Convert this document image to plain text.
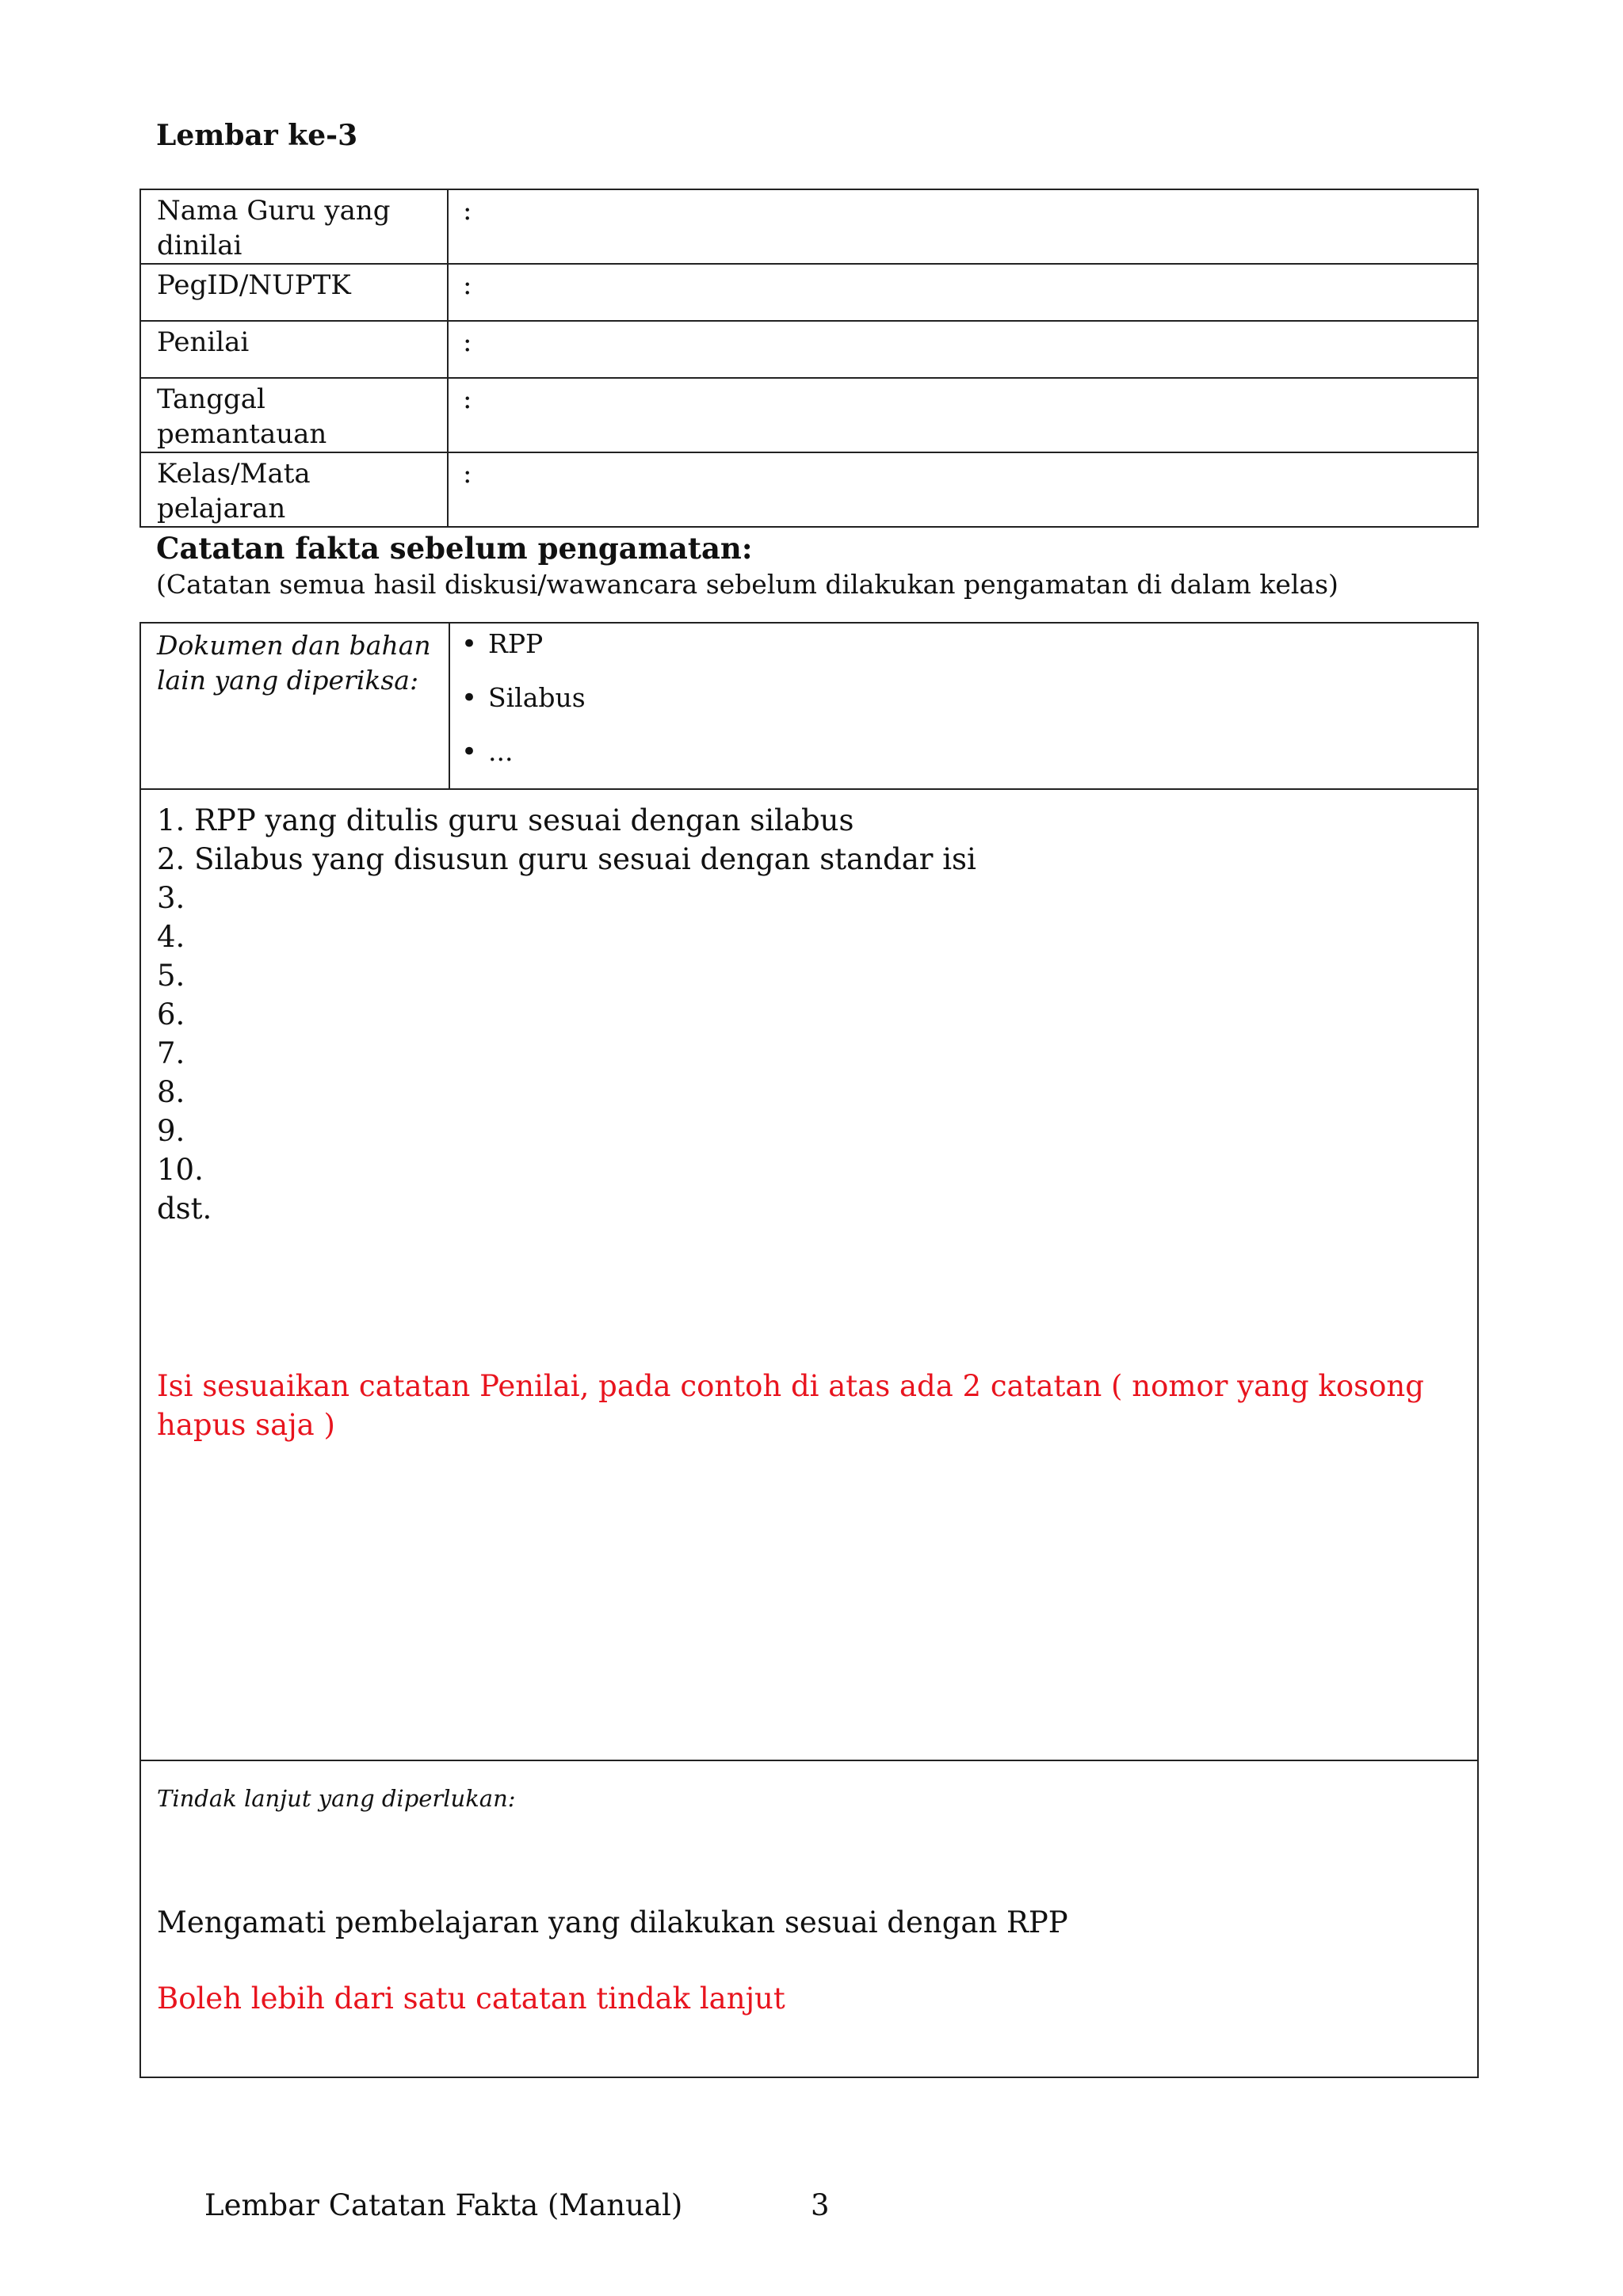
Lembar ke-3
Nama Guru yang dinilai	:
PegID/NUPTK	:
Penilai	:
Tanggal pemantauan	:
Kelas/Mata pelajaran	:
Catatan fakta sebelum pengamatan:

(Catatan semua hasil diskusi/wawancara sebelum dilakukan pengamatan di dalam kelas)

Dokumen dan bahan lain yang diperiksa:	
• RPP
• Silabus
• ...

1. RPP yang ditulis guru sesuai dengan silabus
2. Silabus yang disusun guru sesuai dengan standar isi
3.
4.
5.
6.
7.
8.
9.
10.
dst.
Isi sesuaikan catatan Penilai, pada contoh di atas ada 2 catatan ( nomor yang kosong hapus saja )

Tindak lanjut yang diperlukan:
Mengamati pembelajaran yang dilakukan sesuai dengan RPP
Boleh lebih dari satu catatan tindak lanjut
Lembar Catatan Fakta (Manual)	3
